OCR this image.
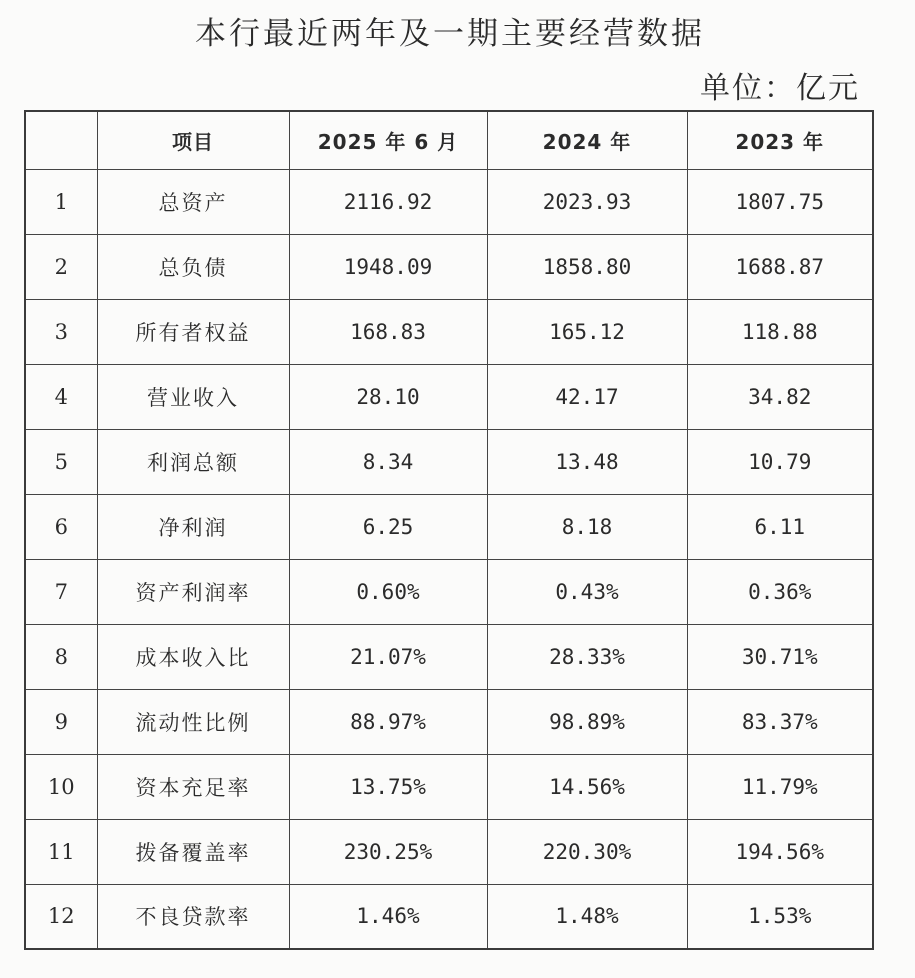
本行最近两年及一期主要经营数据
单位：亿元
	项目	2025 年 6 月	2024 年	2023 年
1	总资产	2116.92	2023.93	1807.75
2	总负债	1948.09	1858.80	1688.87
3	所有者权益	168.83	165.12	118.88
4	营业收入	28.10	42.17	34.82
5	利润总额	8.34	13.48	10.79
6	净利润	6.25	8.18	6.11
7	资产利润率	0.60%	0.43%	0.36%
8	成本收入比	21.07%	28.33%	30.71%
9	流动性比例	88.97%	98.89%	83.37%
10	资本充足率	13.75%	14.56%	11.79%
11	拨备覆盖率	230.25%	220.30%	194.56%
12	不良贷款率	1.46%	1.48%	1.53%
